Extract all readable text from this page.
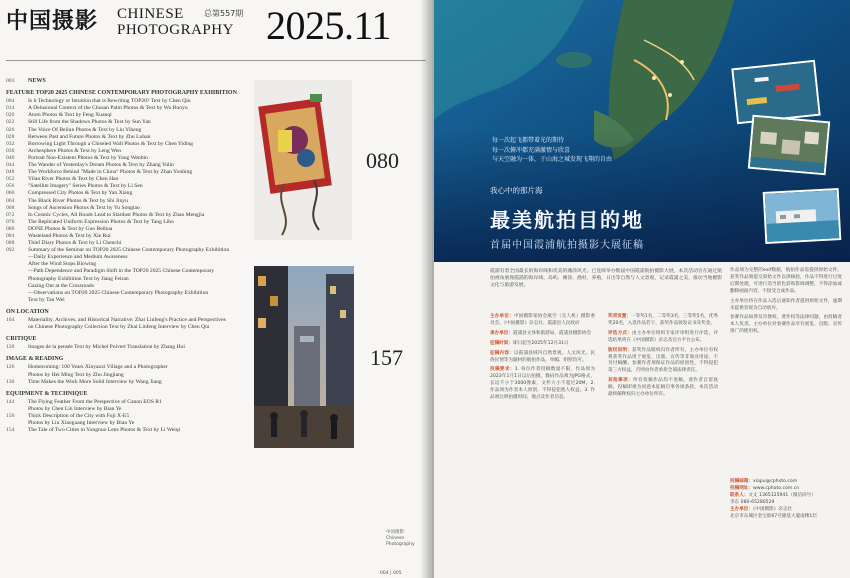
中国摄影 CHINESE
PHOTOGRAPHY
总第557期 2025.11
003	NEWS
FEATURE TOP20 2025 CHINESE CONTEMPORARY PHOTOGRAPHY EXHIBITION
004	Is it Technology or Intuition that is Rewriting TOP20? Text by Chen Qiu
014	A Delusional Context of the Chusan Palm Photos & Text by Wo Ruoyu
020	Atom Photos & Text by Feng Xuanqi
022	Still Life from the Shadows Photos & Text by Sun Yan
026	The Voice Of Beilun Photos & Text by Liu Yiheng
028	Between Past and Future Photos & Text by Zhu Luhan
032	Borrowing Light Through a Chiseled Wall Photos & Text by Chen Yiding
036	Archesphere Photos & Text by Leng Wen
040	Portrait Non-Existent Photos & Text by Yang Wenbin
044	The Wander of Yesterday's Dream Photos & Text by Zhang Yulin
048	The Workforce Behind "Made in China" Photos & Text by Zhan Youbing
052	Yilan River Photos & Text by Chen Hao
056	"Satellite Imagery" Series Photos & Text by Li Sen
060	Compressed City Photos & Text by Yan Xiang
064	The Black River Photos & Text by Shi Jinyu
068	Songs of Ascension Photos & Text by Yu Songtao
072	In Cosmic Cycles, All Roads Lead to Stardust Photos & Text by Zhao Mengjia
076	The Replicated Uniform Expression Photos & Text by Tang Libo
080	DONE Photos & Text by Guo Beihua
084	Wasteland Photos & Text by Xie Rui
088	Thief Diary Photos & Text by Li Chenchi
092	Summary of the Seminar on TOP20 2025 Chinese Contemporary Photography Exhibition
—Daily Experience and Medium Awareness
After the Wind Stops Blowing
—Path Dependence and Paradigm Shift in the TOP20 2025 Chinese Contemporary
Photography Exhibition Text by Jiang Feiran
Gazing Out at the Crossroads
—Observations on TOP20 2025 Chinese Contemporary Photography Exhibition
Text by Tan Wei
ON LOCATION
104	Materiality, Archives, and Historical Narrative: Zhai Linfeng's Practice and Perspectives
on Chinese Photography Collection Text by Zhai Linfeng Interview by Chen Qiu
CRITIQUE
120	Images de la pensée Text by Michel Poivert Translation by Zhang Hui
IMAGE & READING
126	Homecoming: 100 Years Xinyaozi Village and a Photographer
Photos by Hei Ming Text by Zhu Jingjiang
136	Time Makes the Work More Solid Interview by Wang Jiang
EQUIPMENT & TECHNIQUE
144	The Flying Feather From the Perspective of Canon EOS R1
Photos by Chen Lin Interview by Bian Ye
150	Thick Description of the City with Fuji X-E5
Photos by Liu Xiaoguang Interview by Bian Ye
154	The Tale of Two Cities in Yongnuo Lens Photos & Text by Li Weiqi
080
157
中国摄影
Chinese Photography
004 | 005
每一次起飞都带着光的期待
每一次俯冲都充满激情与欣喜
与天空融为一体，于山海之城发现飞翔的自由
我心中的那片海
最美航拍目的地
首届中国霞浦航拍摄影大展征稿
霞浦有着全国最长的海岸线和优美的滩涂风光。已连续举办数届中国霞浦航拍摄影大展，本次活动旨在通过航拍视角展现霞浦的海岸线、岛屿、滩涂、渔村、养殖、日出等自然与人文景观，记录霞浦之美，推动当地摄影文化与旅游发展。

主办单位：中国摄影家协会航空（无人机）摄影委员会、《中国摄影》杂志社、霞浦县人民政府

承办单位：霞浦县文体和旅游局、霞浦县摄影协会

征稿时间：即日起至2025年12月31日

征稿内容：以霞浦县域内自然景观、人文风光、民俗民情等为题材的航拍作品，单幅、组照均可。

投稿要求：1. 每位作者投稿数量不限，作品须为2023年1月1日以后拍摄，数码作品须为JPG格式，长边不小于3000像素，文件大小不超过20M。2. 作品须为作者本人原创，不得侵犯他人权益。3. 作品须注明拍摄时间、地点及作者信息。

奖项设置：一等奖1名，二等奖3名，三等奖5名，优秀奖20名，入选作品若干，获奖作品颁发证书及奖金。

评选方式：由主办单位组织专家评审组进行评选，评选结果将在《中国摄影》杂志及官方平台公布。

版权说明：获奖作品版权归作者所有，主办单位有权将获奖作品用于展览、出版、宣传等非商业用途，不另付稿酬。参赛作者须保证作品的原创性，不得侵犯第三方权益，否则由作者承担全部法律责任。

其他事项：所有投稿作品均不退稿，请作者自留底稿。投稿即视为同意本征稿启事各项条款，本次活动最终解释权归主办单位所有。

作品须为完整的exif数据，航拍作品需提供原始文件。获奖作品须提交原始文件以供核验，作品不得进行过度后期处理，可进行适当的色彩和影调调整，不得添加或删除画面内容，不接受合成作品。

主办单位将在作品入选后通知作者提供原始文件，逾期未提供者视为自动放弃。

参赛作品如涉及肖像权、著作权等法律问题，由投稿者本人负责。主办单位对参赛作品享有展览、出版、宣传推广的使用权。

投稿邮箱：xiapu@cphoto.com
投稿网址：www.cphoto.com.cn
联系人：文丈 1365125941（微信同号）
李东 080-65280529
主办单位：《中国摄影》杂志社
北京市东城区金宝街67号隆基大厦南楼1层
